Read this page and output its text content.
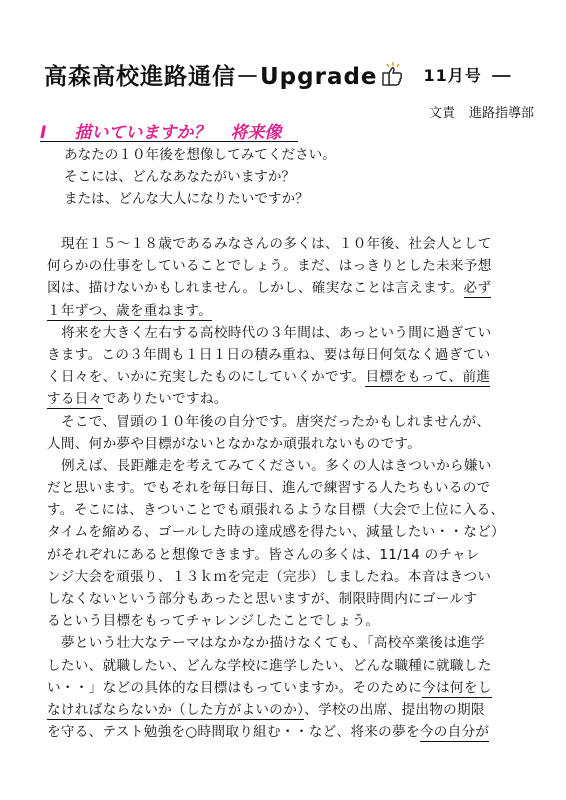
高森高校進路通信－Upgrade	11月号 －
文責 進路指導部
Ⅰ 描いていますか？ 将来像
あなたの１０年後を想像してみてください。
そこには、どんなあなたがいますか？
または、どんな大人になりたいですか？
現在１５～１８歳であるみなさんの多くは、１０年後、社会人として
何らかの仕事をしていることでしょう。まだ、はっきりとした未来予想
図は、描けないかもしれません。しかし、確実なことは言えます。必ず
１年ずつ、歳を重ねます。
将来を大きく左右する高校時代の３年間は、あっという間に過ぎてい
きます。この３年間も１日１日の積み重ね、要は毎日何気なく過ぎてい
く日々を、いかに充実したものにしていくかです。目標をもって、前進
する日々でありたいですね。
そこで、冒頭の１０年後の自分です。唐突だったかもしれませんが、
人間、何か夢や目標がないとなかなか頑張れないものです。
例えば、長距離走を考えてみてください。多くの人はきついから嫌い
だと思います。でもそれを毎日毎日、進んで練習する人たちもいるので
す。そこには、きついことでも頑張れるような目標（大会で上位に入る、
タイムを縮める、ゴールした時の達成感を得たい、減量したい・・など）
がそれぞれにあると想像できます。皆さんの多くは、11/14 のチャレ
ンジ大会を頑張り、１３ｋｍを完走（完歩）しましたね。本音はきつい
しなくないという部分もあったと思いますが、制限時間内にゴールす
るという目標をもってチャレンジしたことでしょう。
夢という壮大なテーマはなかなか描けなくても、「高校卒業後は進学
したい、就職したい、どんな学校に進学したい、どんな職種に就職した
い・・」などの具体的な目標はもっていますか。そのために今は何をし
なければならないか（した方がよいのか）、学校の出席、提出物の期限
を守る、テスト勉強を○時間取り組む・・など、将来の夢を今の自分が
